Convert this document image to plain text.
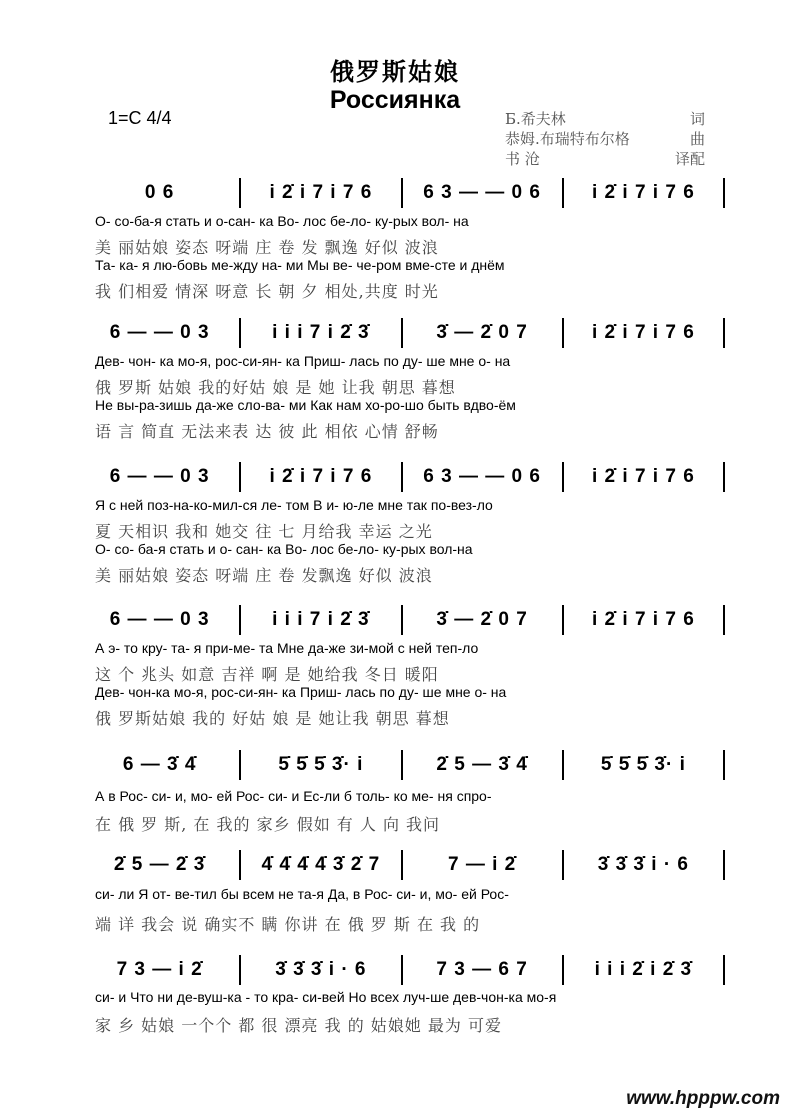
俄罗斯姑娘
Россиянка
1=C 4/4	Б.希夫林	词
恭姆.布瑞特布尔格	曲
书 沧	译配
0 6	i 2̇ i 7 i 7 6	6 3 — — 0 6	i 2̇ i 7 i 7 6
О- со-ба-я стать и о-сан- ка Во- лос бе-ло- ку-рых вол- на
美 丽姑娘 姿态 呀端 庄 卷 发 飘逸 好似 波浪
Та- ка- я лю-бовь ме-жду на- ми Мы ве- че-ром вме-сте и днём
我 们相爱 情深 呀意 长 朝 夕 相处,共度 时光
6 — — 0 3	i i i 7 i 2̇ 3̇	3̇ — 2̇ 0 7	i 2̇ i 7 i 7 6
Дев- чон- ка мо-я, рос-си-ян- ка Приш- лась по ду- ше мне о- на
俄 罗斯 姑娘 我的好姑 娘 是 她 让我 朝思 暮想
Не вы-ра-зишь да-же сло-ва- ми Как нам хо-ро-шо быть вдво-ём
语 言 简直 无法来表 达 彼 此 相依 心情 舒畅
6 — — 0 3	i 2̇ i 7 i 7 6	6 3 — — 0 6	i 2̇ i 7 i 7 6
Я с ней поз-на-ко-мил-ся ле- том В и- ю-ле мне так по-вез-ло
夏 天相识 我和 她交 往 七 月给我 幸运 之光
О- со- ба-я стать и о- сан- ка Во- лос бе-ло- ку-рых вол-на
美 丽姑娘 姿态 呀端 庄 卷 发飘逸 好似 波浪
6 — — 0 3	i i i 7 i 2̇ 3̇	3̇ — 2̇ 0 7	i 2̇ i 7 i 7 6
А э- то кру- та- я при-ме- та Мне да-же зи-мой с ней теп-ло
这 个 兆头 如意 吉祥 啊 是 她给我 冬日 暖阳
Дев- чон-ка мо-я, рос-си-ян- ка Приш- лась по ду- ше мне о- на
俄 罗斯姑娘 我的 好姑 娘 是 她让我 朝思 暮想
6 — 3̇ 4̇	5̇ 5̇ 5̇ 3̇· i	2̇ 5 — 3̇ 4̇	5̇ 5̇ 5̇ 3̇· i
А в Рос- си- и, мо- ей Рос- си- и Ес-ли б толь- ко ме- ня спро-
在 俄 罗 斯, 在 我的 家乡 假如 有 人 向 我问
2̇ 5 — 2̇ 3̇	4̇ 4̇ 4̇ 4̇ 3̇ 2̇ 7	7 — i 2̇	3̇ 3̇ 3̇ i · 6
си- ли Я от- ве-тил бы всем не та-я Да, в Рос- си- и, мо- ей Рос-
端 详 我会 说 确实不 瞒 你讲 在 俄 罗 斯 在 我 的
7 3 — i 2̇	3̇ 3̇ 3̇ i · 6	7 3 — 6 7	i i i 2̇ i 2̇ 3̇
си- и Что ни де-вуш-ка - то кра- си-вей Но всех луч-ше дев-чон-ка мо-я
家 乡 姑娘 一个个 都 很 漂亮 我 的 姑娘她 最为 可爱
www.hpppw.com
